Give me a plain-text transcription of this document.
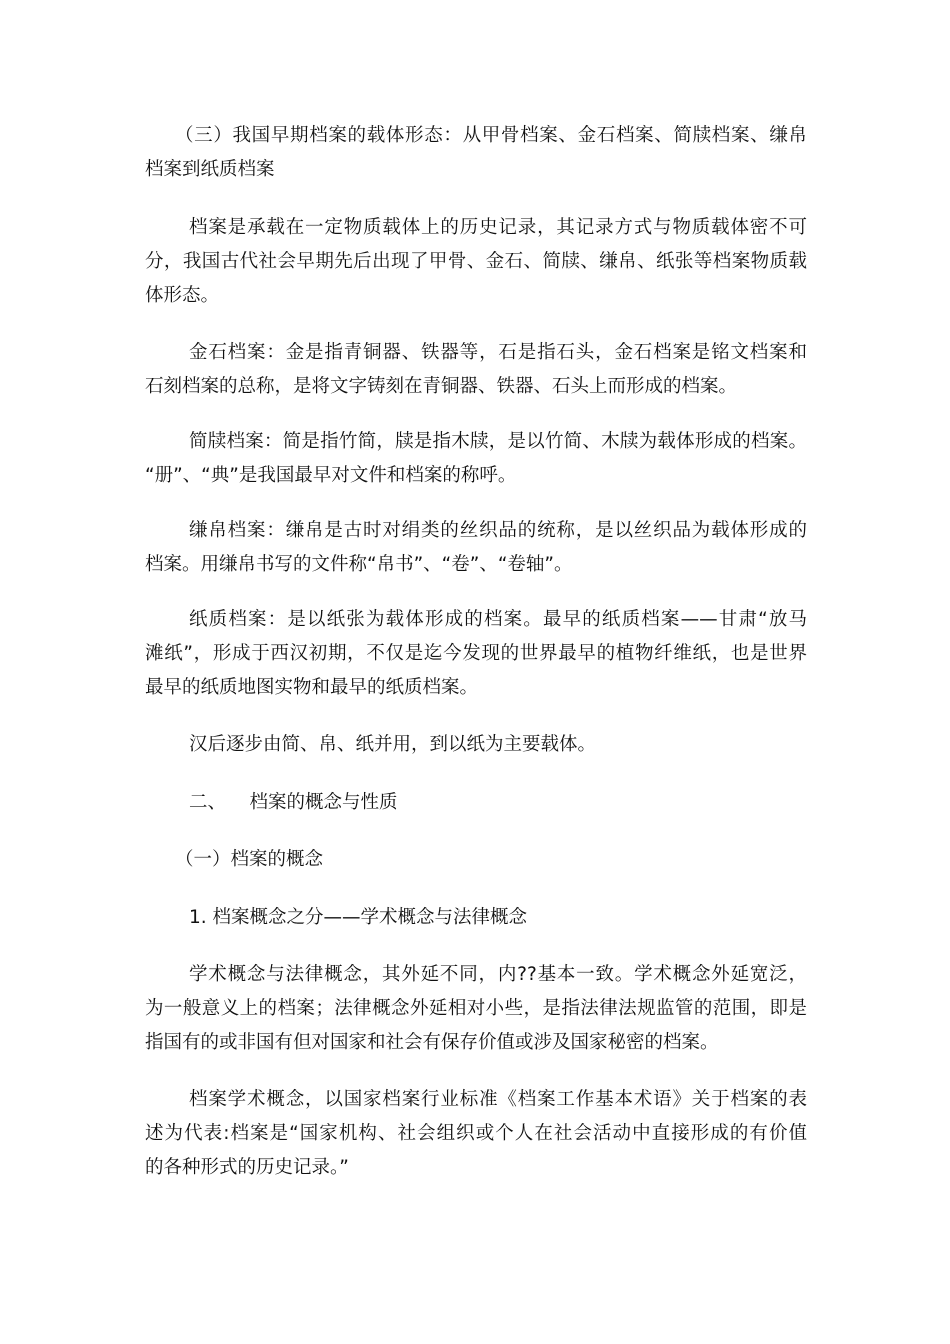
（三）我国早期档案的载体形态：从甲骨档案、金石档案、简牍档案、缣帛
档案到纸质档案

档案是承载在一定物质载体上的历史记录，其记录方式与物质载体密不可
分，我国古代社会早期先后出现了甲骨、金石、简牍、缣帛、纸张等档案物质载
体形态。

金石档案：金是指青铜器、铁器等，石是指石头，金石档案是铭文档案和
石刻档案的总称，是将文字铸刻在青铜器、铁器、石头上而形成的档案。

简牍档案：简是指竹简，牍是指木牍，是以竹简、木牍为载体形成的档案。
“册”、“典”是我国最早对文件和档案的称呼。

缣帛档案：缣帛是古时对绢类的丝织品的统称，是以丝织品为载体形成的
档案。用缣帛书写的文件称“帛书”、“卷”、“卷轴”。

纸质档案：是以纸张为载体形成的档案。最早的纸质档案——甘肃“放马
滩纸”，形成于西汉初期，不仅是迄今发现的世界最早的植物纤维纸，也是世界
最早的纸质地图实物和最早的纸质档案。

汉后逐步由简、帛、纸并用，到以纸为主要载体。

二、    档案的概念与性质

（一）档案的概念

1. 档案概念之分——学术概念与法律概念

学术概念与法律概念，其外延不同，内??基本一致。学术概念外延宽泛，
为一般意义上的档案；法律概念外延相对小些，是指法律法规监管的范围，即是
指国有的或非国有但对国家和社会有保存价值或涉及国家秘密的档案。

档案学术概念，以国家档案行业标准《档案工作基本术语》关于档案的表
述为代表:档案是“国家机构、社会组织或个人在社会活动中直接形成的有价值
的各种形式的历史记录。”
